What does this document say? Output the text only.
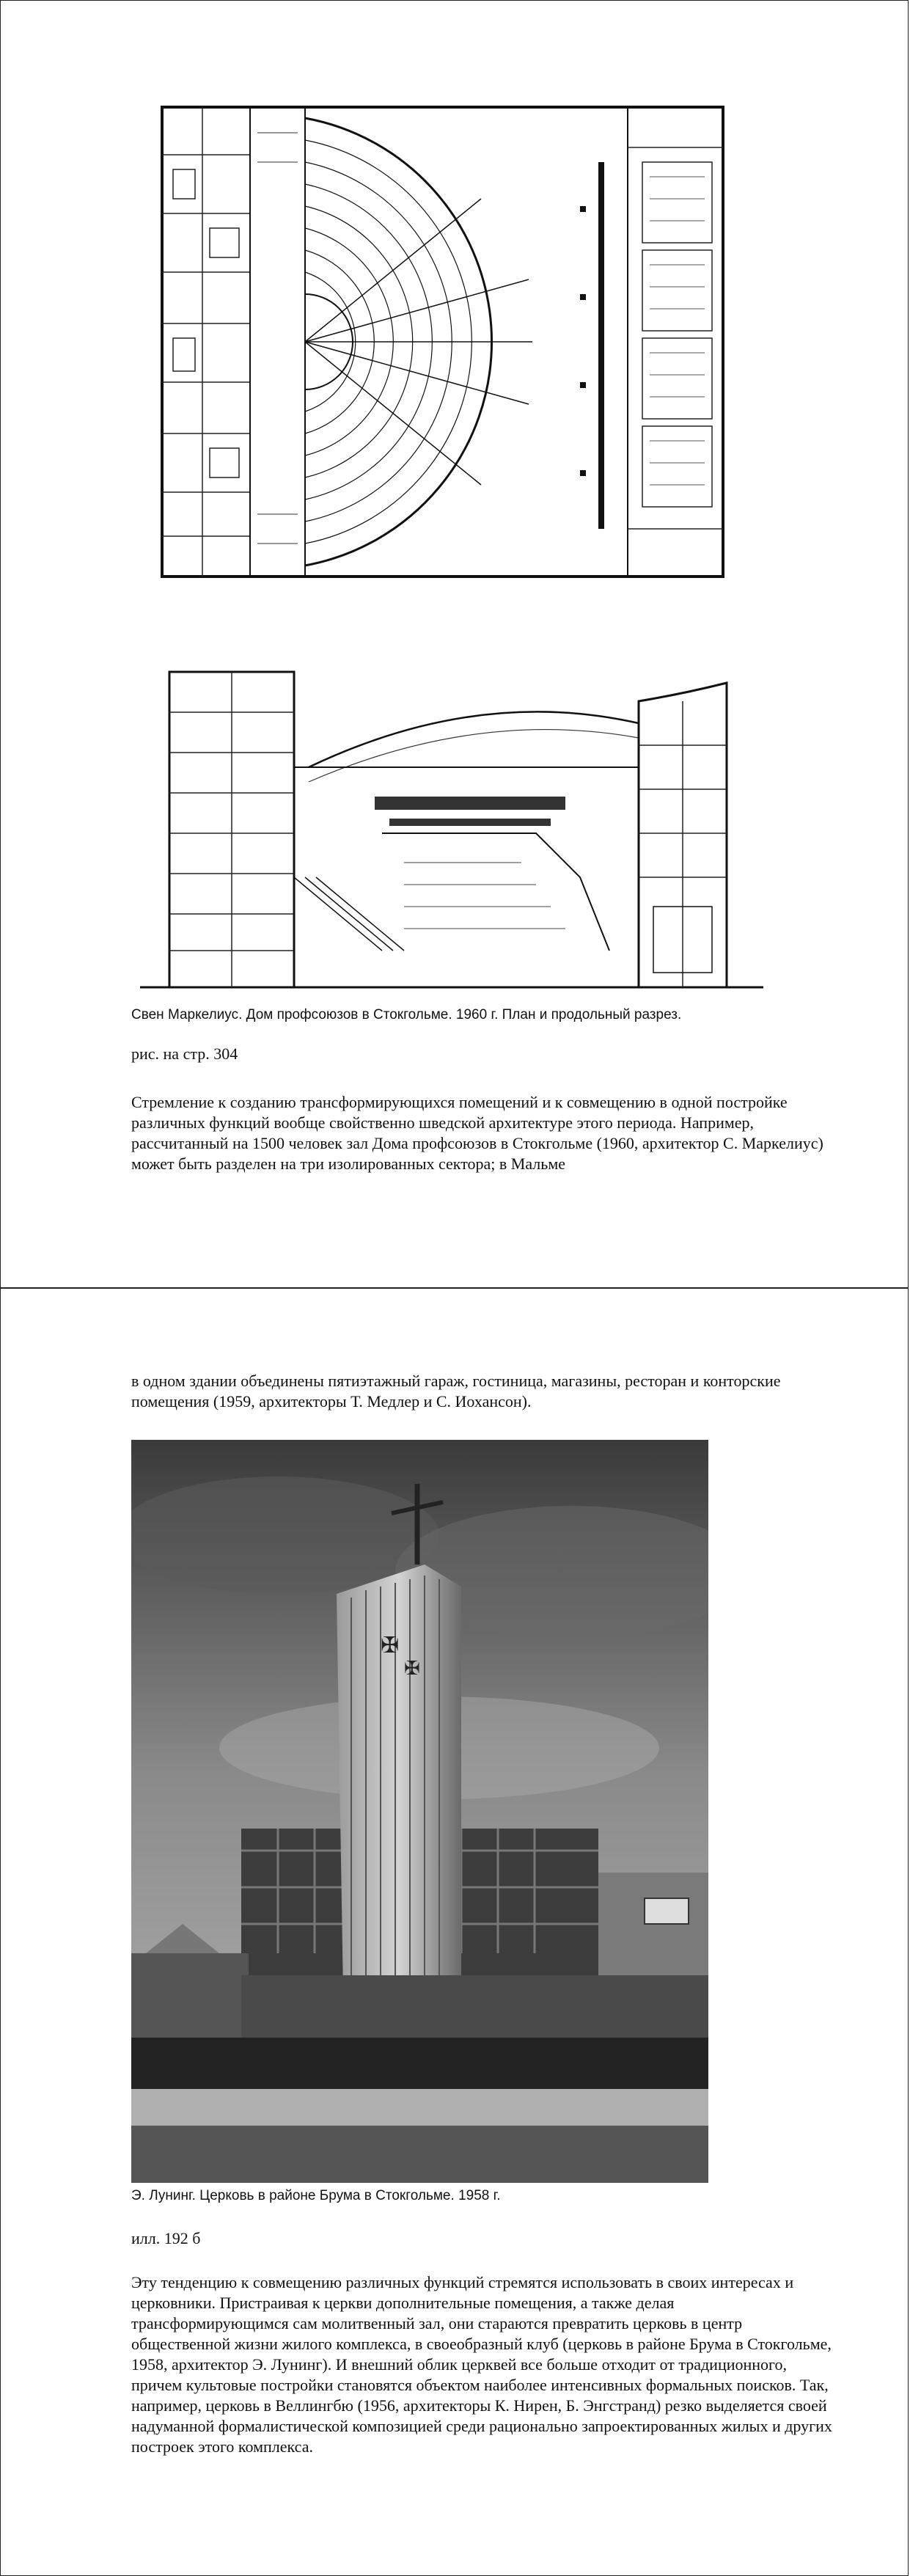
Свен Маркелиус. Дом профсоюзов в Стокгольме. 1960 г. План и продольный разрез.
рис. на стр. 304

Стремление к созданию трансформирующихся помещений и к совмещению в одной постройке различных функций вообще свойственно шведской архитектуре этого периода. Например, рассчитанный на 1500 человек зал Дома профсоюзов в Стокгольме (1960, архитектор С. Маркелиус) может быть разделен на три изолированных сектора; в Мальме

в одном здании объединены пятиэтажный гараж, гостиница, магазины, ресторан и конторские помещения (1959, архитекторы Т. Медлер и С. Иохансон).

✠
✠
Э. Лунинг. Церковь в районе Брума в Стокгольме. 1958 г.
илл. 192 б

Эту тенденцию к совмещению различных функций стремятся использовать в своих интересах и церковники. Пристраивая к церкви дополнительные помещения, а также делая трансформирующимся сам молитвенный зал, они стараются превратить церковь в центр общественной жизни жилого комплекса, в своеобразный клуб (церковь в районе Брума в Стокгольме, 1958, архитектор Э. Лунинг). И внешний облик церквей все больше отходит от традиционного, причем культовые постройки становятся объектом наиболее интенсивных формальных поисков. Так, например, церковь в Веллингбю (1956, архитекторы К. Нирен, Б. Энгстранд) резко выделяется своей надуманной формалистической композицией среди рационально запроектированных жилых и других построек этого комплекса.
